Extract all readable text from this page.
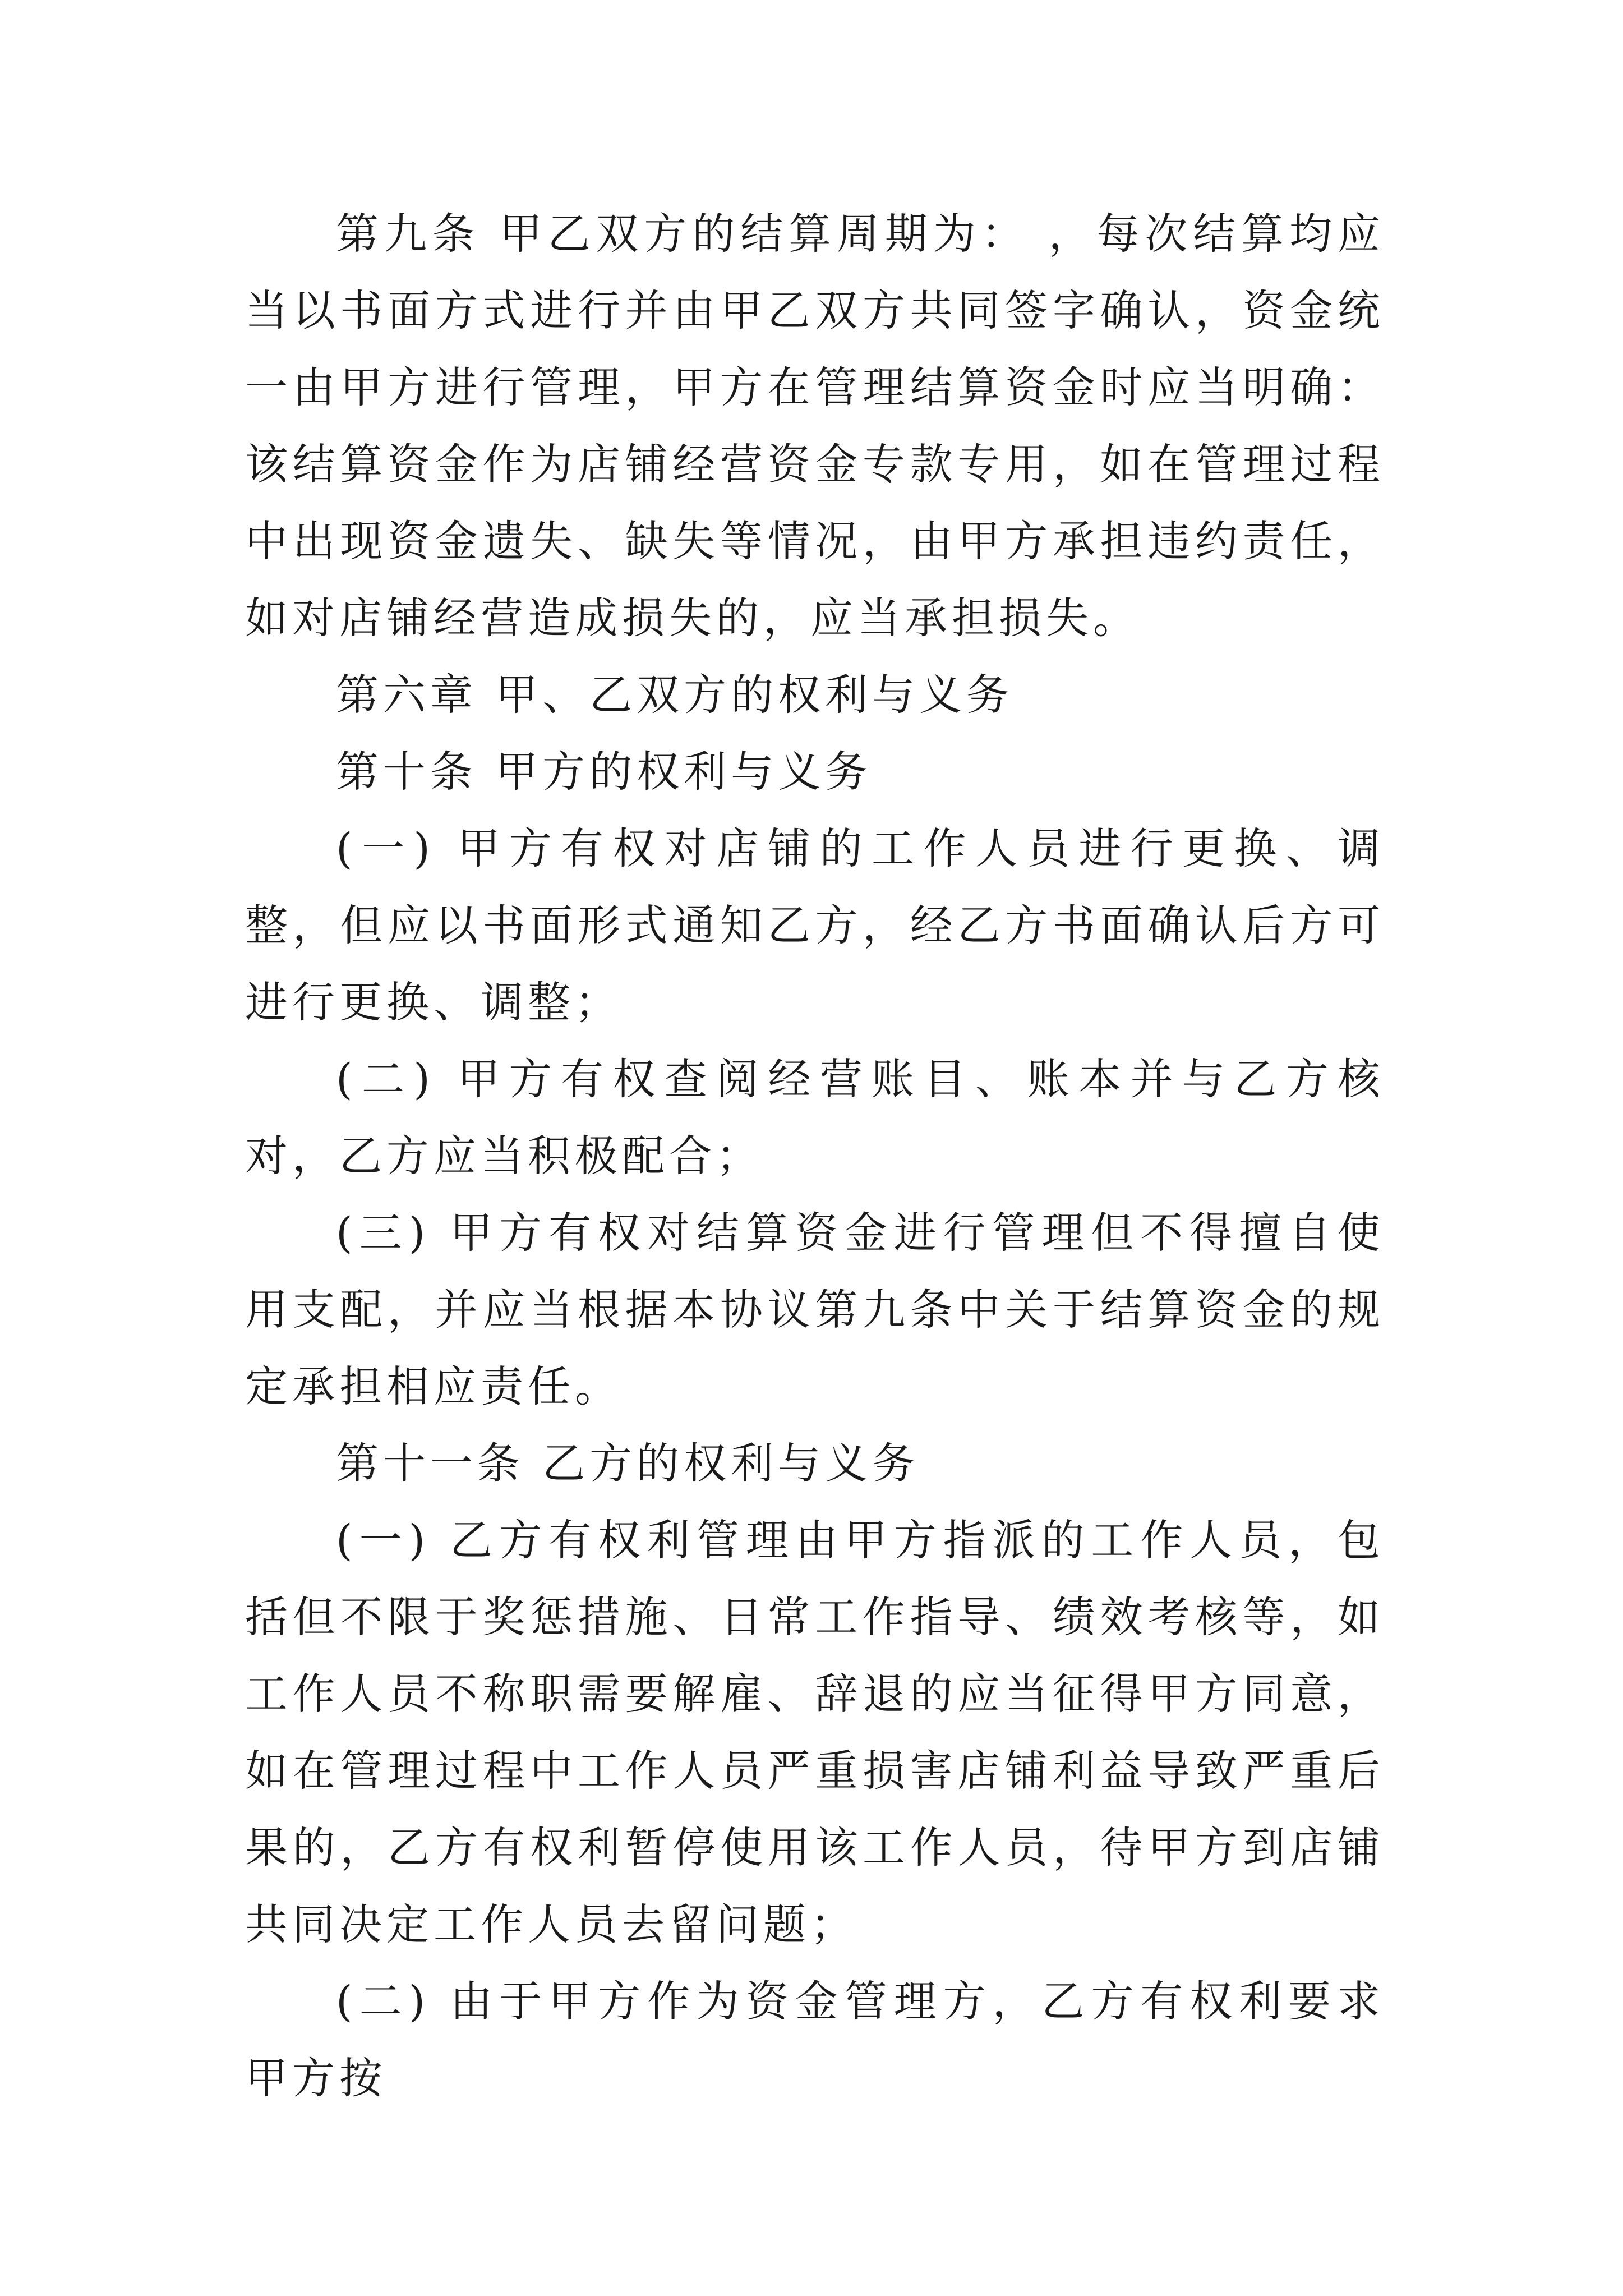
第九条 甲乙双方的结算周期为： ，每次结算均应当以书面方式进行并由甲乙双方共同签字确认，资金统一由甲方进行管理，甲方在管理结算资金时应当明确：该结算资金作为店铺经营资金专款专用，如在管理过程中出现资金遗失、缺失等情况，由甲方承担违约责任，如对店铺经营造成损失的，应当承担损失。

第六章 甲、乙双方的权利与义务

第十条 甲方的权利与义务

(一) 甲方有权对店铺的工作人员进行更换、调整，但应以书面形式通知乙方，经乙方书面确认后方可进行更换、调整；

(二) 甲方有权查阅经营账目、账本并与乙方核对，乙方应当积极配合；

(三) 甲方有权对结算资金进行管理但不得擅自使用支配，并应当根据本协议第九条中关于结算资金的规定承担相应责任。

第十一条 乙方的权利与义务

(一) 乙方有权利管理由甲方指派的工作人员，包括但不限于奖惩措施、日常工作指导、绩效考核等，如工作人员不称职需要解雇、辞退的应当征得甲方同意，如在管理过程中工作人员严重损害店铺利益导致严重后果的，乙方有权利暂停使用该工作人员，待甲方到店铺共同决定工作人员去留问题；

(二) 由于甲方作为资金管理方，乙方有权利要求甲方按
